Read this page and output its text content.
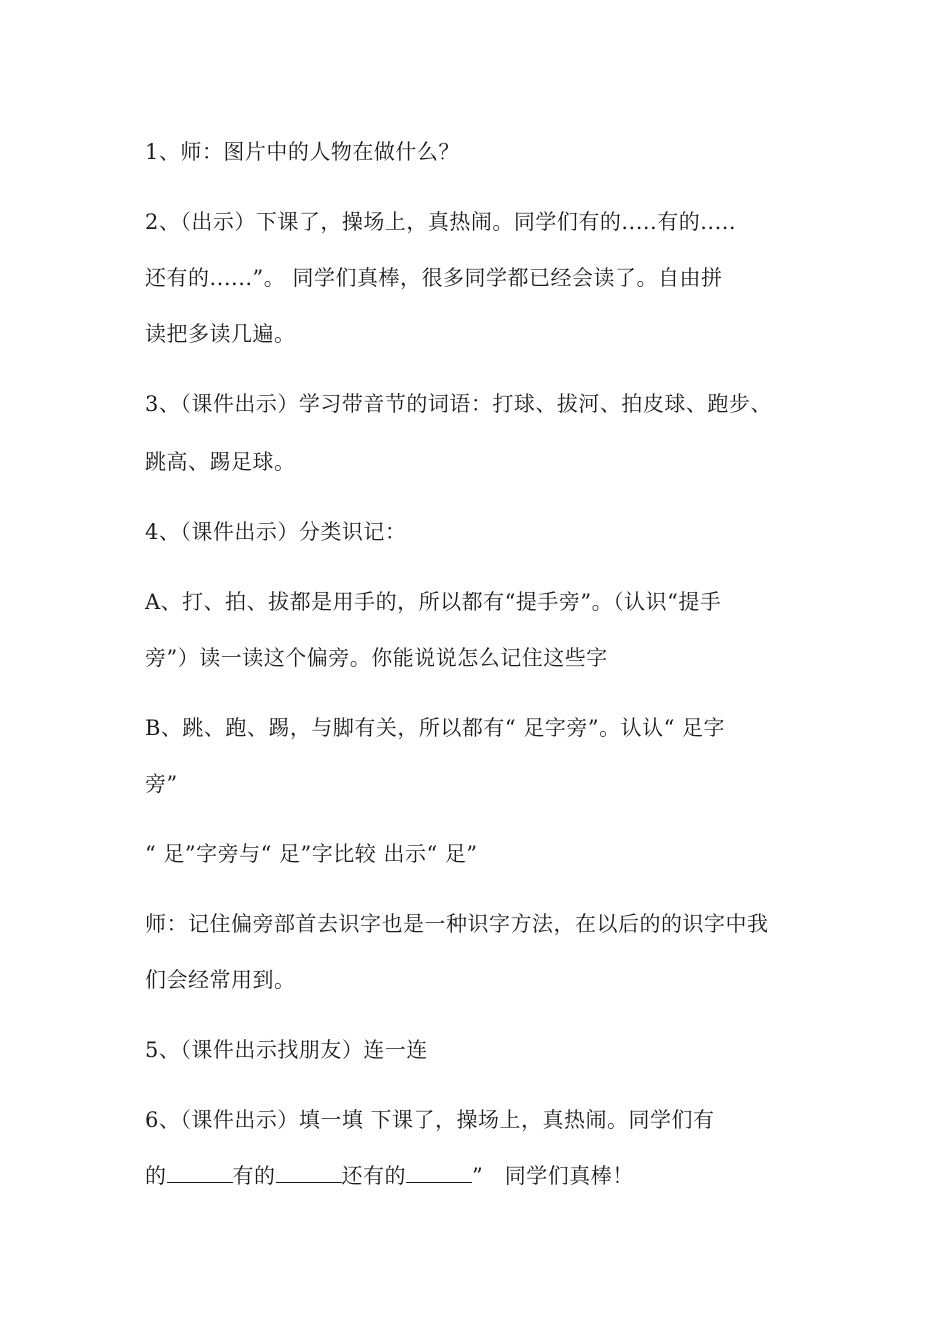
1、师：图片中的人物在做什么？
2、（出示）下课了，操场上，真热闹。同学们有的.....有的.....
还有的......”。 同学们真棒，很多同学都已经会读了。自由拼
读把多读几遍。
3、（课件出示）学习带音节的词语：打球、拔河、拍皮球、跑步、
跳高、踢足球。
4、（课件出示）分类识记：
A、打、拍、拔都是用手的，所以都有“提手旁”。（认识“提手
旁”）读一读这个偏旁。你能说说怎么记住这些字
B、跳、跑、踢，与脚有关，所以都有“ 足字旁”。认认“ 足字
旁”
“ 足”字旁与“ 足”字比较 出示“ 足”
师：记住偏旁部首去识字也是一种识字方法，在以后的的识字中我
们会经常用到。
5、（课件出示找朋友）连一连
6、（课件出示）填一填 下课了，操场上，真热闹。同学们有
的	有的	还有的	”   同学们真棒！
